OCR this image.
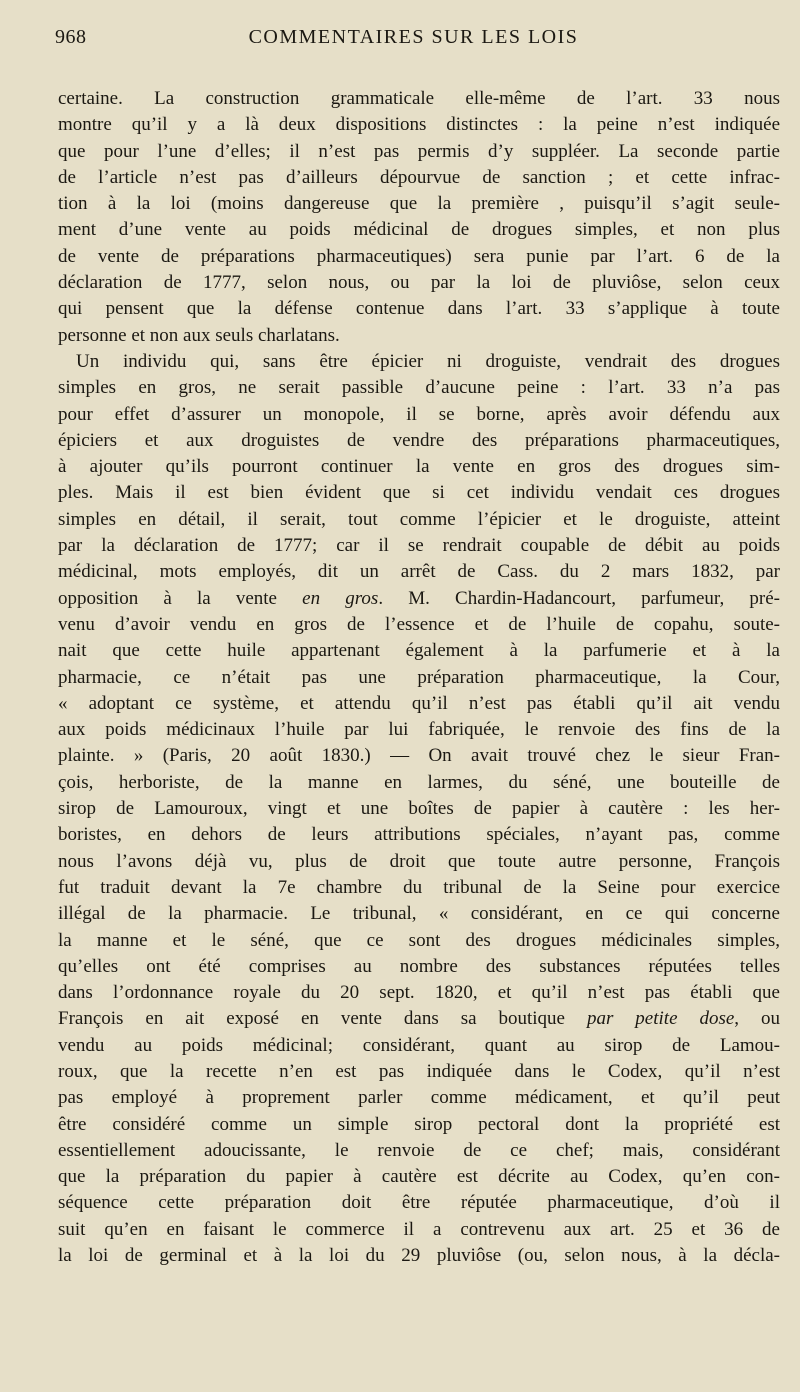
968	COMMENTAIRES SUR LES LOIS
certaine. La construction grammaticale elle-même de l’art. 33 nous
montre qu’il y a là deux dispositions distinctes : la peine n’est indiquée
que pour l’une d’elles; il n’est pas permis d’y suppléer. La seconde partie
de l’article n’est pas d’ailleurs dépourvue de sanction ; et cette infrac-
tion à la loi (moins dangereuse que la première , puisqu’il s’agit seule-
ment d’une vente au poids médicinal de drogues simples, et non plus
de vente de préparations pharmaceutiques) sera punie par l’art. 6 de la
déclaration de 1777, selon nous, ou par la loi de pluviôse, selon ceux
qui pensent que la défense contenue dans l’art. 33 s’applique à toute
personne et non aux seuls charlatans.
Un individu qui, sans être épicier ni droguiste, vendrait des drogues
simples en gros, ne serait passible d’aucune peine : l’art. 33 n’a pas
pour effet d’assurer un monopole, il se borne, après avoir défendu aux
épiciers et aux droguistes de vendre des préparations pharmaceutiques,
à ajouter qu’ils pourront continuer la vente en gros des drogues sim-
ples. Mais il est bien évident que si cet individu vendait ces drogues
simples en détail, il serait, tout comme l’épicier et le droguiste, atteint
par la déclaration de 1777; car il se rendrait coupable de débit au poids
médicinal, mots employés, dit un arrêt de Cass. du 2 mars 1832, par
opposition à la vente en gros. M. Chardin-Hadancourt, parfumeur, pré-
venu d’avoir vendu en gros de l’essence et de l’huile de copahu, soute-
nait que cette huile appartenant également à la parfumerie et à la
pharmacie, ce n’était pas une préparation pharmaceutique, la Cour,
« adoptant ce système, et attendu qu’il n’est pas établi qu’il ait vendu
aux poids médicinaux l’huile par lui fabriquée, le renvoie des fins de la
plainte. » (Paris, 20 août 1830.) — On avait trouvé chez le sieur Fran-
çois, herboriste, de la manne en larmes, du séné, une bouteille de
sirop de Lamouroux, vingt et une boîtes de papier à cautère : les her-
boristes, en dehors de leurs attributions spéciales, n’ayant pas, comme
nous l’avons déjà vu, plus de droit que toute autre personne, François
fut traduit devant la 7e chambre du tribunal de la Seine pour exercice
illégal de la pharmacie. Le tribunal, « considérant, en ce qui concerne
la manne et le séné, que ce sont des drogues médicinales simples,
qu’elles ont été comprises au nombre des substances réputées telles
dans l’ordonnance royale du 20 sept. 1820, et qu’il n’est pas établi que
François en ait exposé en vente dans sa boutique par petite dose, ou
vendu au poids médicinal; considérant, quant au sirop de Lamou-
roux, que la recette n’en est pas indiquée dans le Codex, qu’il n’est
pas employé à proprement parler comme médicament, et qu’il peut
être considéré comme un simple sirop pectoral dont la propriété est
essentiellement adoucissante, le renvoie de ce chef; mais, considérant
que la préparation du papier à cautère est décrite au Codex, qu’en con-
séquence cette préparation doit être réputée pharmaceutique, d’où il
suit qu’en en faisant le commerce il a contrevenu aux art. 25 et 36 de
la loi de germinal et à la loi du 29 pluviôse (ou, selon nous, à la décla-
